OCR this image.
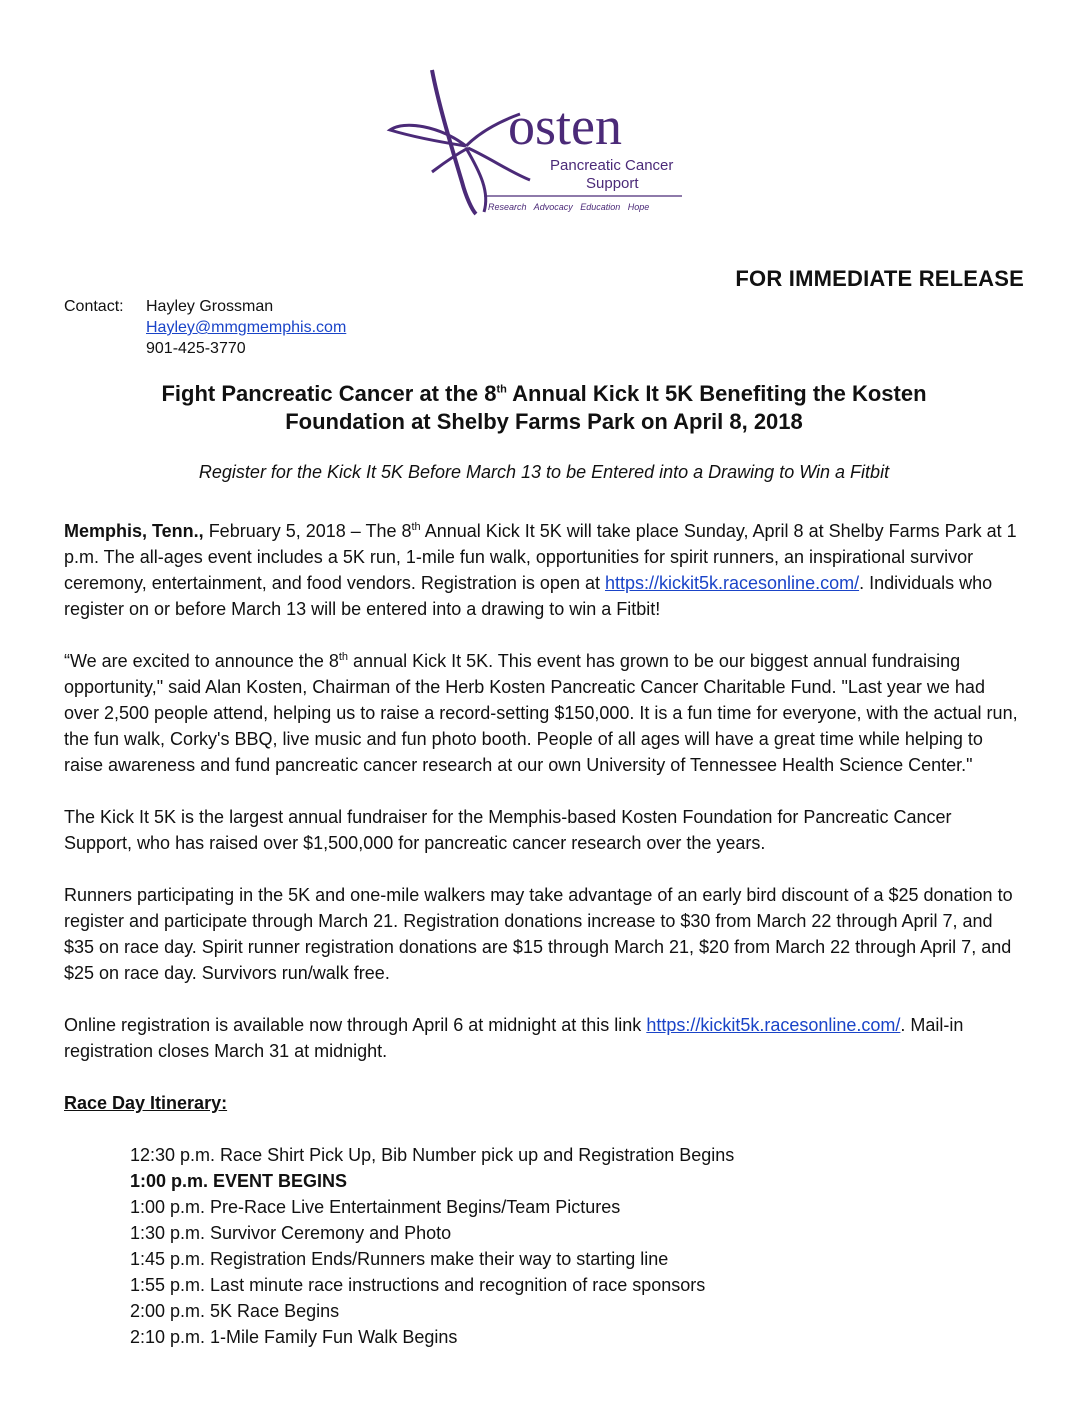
osten
Pancreatic Cancer
Support
Research   Advocacy   Education   Hope
FOR IMMEDIATE RELEASE
Contact: Hayley Grossman
Hayley@mmgmemphis.com
901-425-3770
Fight Pancreatic Cancer at the 8th Annual Kick It 5K Benefiting the Kosten
Foundation at Shelby Farms Park on April 8, 2018
Register for the Kick It 5K Before March 13 to be Entered into a Drawing to Win a Fitbit

Memphis, Tenn., February 5, 2018 – The 8th Annual Kick It 5K will take place Sunday, April 8 at Shelby Farms Park at 1 p.m. The all-ages event includes a 5K run, 1-mile fun walk, opportunities for spirit runners, an inspirational survivor ceremony, entertainment, and food vendors. Registration is open at https://kickit5k.racesonline.com/. Individuals who register on or before March 13 will be entered into a drawing to win a Fitbit!

“We are excited to announce the 8th annual Kick It 5K. This event has grown to be our biggest annual fundraising opportunity," said Alan Kosten, Chairman of the Herb Kosten Pancreatic Cancer Charitable Fund. "Last year we had over 2,500 people attend, helping us to raise a record-setting $150,000. It is a fun time for everyone, with the actual run, the fun walk, Corky's BBQ, live music and fun photo booth. People of all ages will have a great time while helping to raise awareness and fund pancreatic cancer research at our own University of Tennessee Health Science Center."

The Kick It 5K is the largest annual fundraiser for the Memphis-based Kosten Foundation for Pancreatic Cancer Support, who has raised over $1,500,000 for pancreatic cancer research over the years.

Runners participating in the 5K and one-mile walkers may take advantage of an early bird discount of a $25 donation to register and participate through March 21. Registration donations increase to $30 from March 22 through April 7, and $35 on race day. Spirit runner registration donations are $15 through March 21, $20 from March 22 through April 7, and $25 on race day. Survivors run/walk free.

Online registration is available now through April 6 at midnight at this link https://kickit5k.racesonline.com/. Mail-in registration closes March 31 at midnight.

Race Day Itinerary:

12:30 p.m. Race Shirt Pick Up, Bib Number pick up and Registration Begins
1:00 p.m. EVENT BEGINS
1:00 p.m. Pre-Race Live Entertainment Begins/Team Pictures
1:30 p.m. Survivor Ceremony and Photo
1:45 p.m. Registration Ends/Runners make their way to starting line
1:55 p.m. Last minute race instructions and recognition of race sponsors
2:00 p.m. 5K Race Begins
2:10 p.m. 1-Mile Family Fun Walk Begins
